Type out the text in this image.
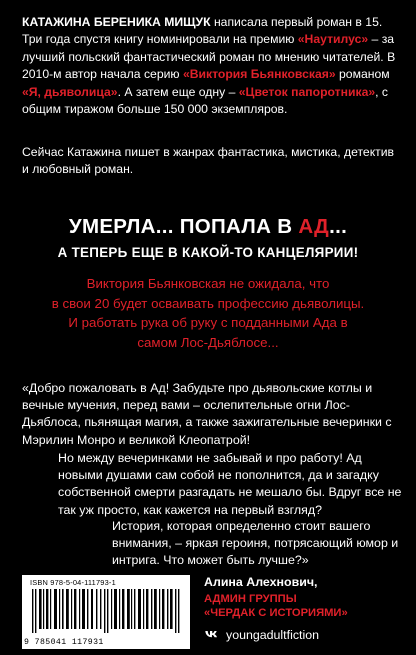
КАТАЖИНА БЕРЕНИКА МИЩУК написала первый роман в 15. Три года спустя книгу номинировали на премию «Наутилус» – за лучший польский фантастический роман по мнению читателей. В 2010-м автор начала серию «Виктория Бьянковская» романом «Я, дьяволица». А затем еще одну – «Цветок папоротника», с общим тиражом больше 150 000 экземпляров.
Сейчас Катажина пишет в жанрах фантастика, мистика, детектив и любовный роман.
УМЕРЛА... ПОПАЛА В АД...
А ТЕПЕРЬ ЕЩЕ В КАКОЙ-ТО КАНЦЕЛЯРИИ!
Виктория Бьянковская не ожидала, что
в свои 20 будет осваивать профессию дьяволицы.
И работать рука об руку с подданными Ада в
самом Лос-Дьяблосе...
«Добро пожаловать в Ад! Забудьте про дьявольские котлы и вечные мучения, перед вами – ослепительные огни Лос-Дьяблоса, пьянящая магия, а также зажигательные вечеринки с Мэрилин Монро и великой Клеопатрой!
Но между вечеринками не забывай и про работу! Ад новыми душами сам собой не пополнится, да и загадку собственной смерти разгадать не мешало бы. Вдруг все не так уж просто, как кажется на первый взгляд?
История, которая определенно стоит вашего внимания, – яркая героиня, потрясающий юмор и интрига. Что может быть лучше?»
ISBN 978-5-04-111793-1
9 785041 117931
Алина Алехнович,
АДМИН ГРУППЫ
«ЧЕРДАК С ИСТОРИЯМИ»
youngadultfiction
